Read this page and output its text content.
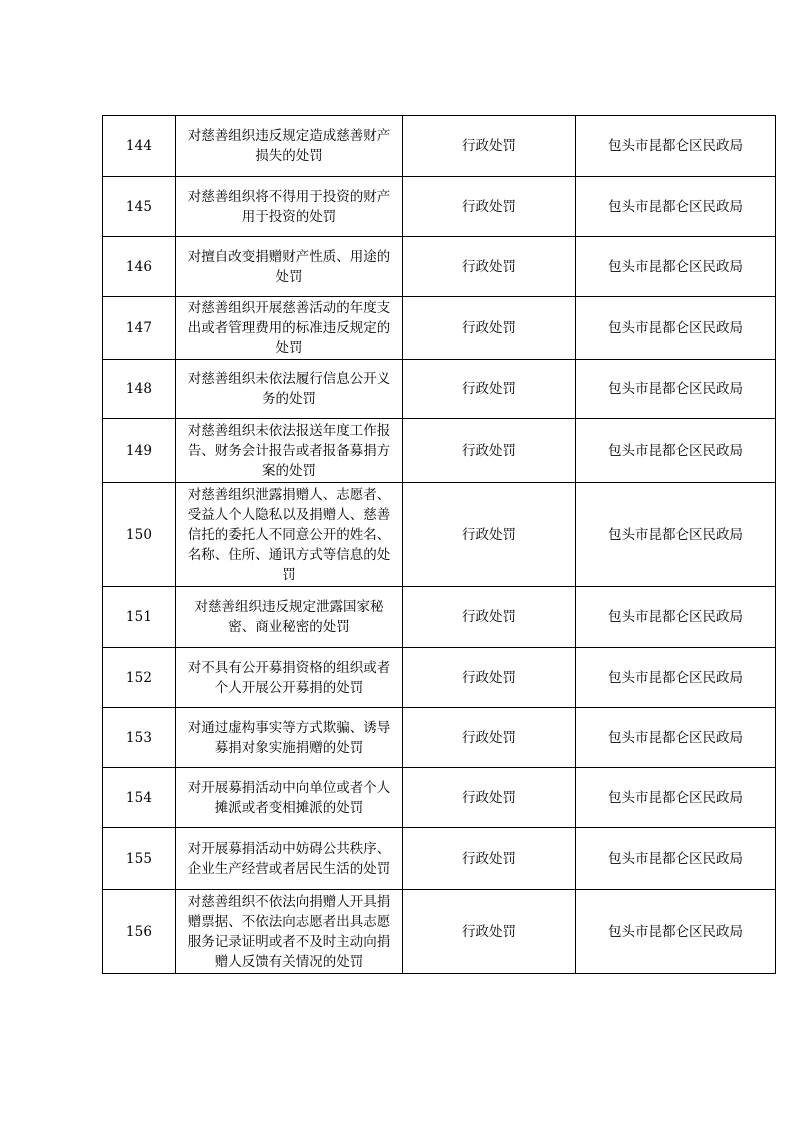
144	对慈善组织违反规定造成慈善财产损失的处罚	行政处罚	包头市昆都仑区民政局
145	对慈善组织将不得用于投资的财产用于投资的处罚	行政处罚	包头市昆都仑区民政局
146	对擅自改变捐赠财产性质、用途的处罚	行政处罚	包头市昆都仑区民政局
147	对慈善组织开展慈善活动的年度支出或者管理费用的标准违反规定的处罚	行政处罚	包头市昆都仑区民政局
148	对慈善组织未依法履行信息公开义务的处罚	行政处罚	包头市昆都仑区民政局
149	对慈善组织未依法报送年度工作报告、财务会计报告或者报备募捐方案的处罚	行政处罚	包头市昆都仑区民政局
150	对慈善组织泄露捐赠人、志愿者、受益人个人隐私以及捐赠人、慈善信托的委托人不同意公开的姓名、名称、住所、通讯方式等信息的处罚	行政处罚	包头市昆都仑区民政局
151	对慈善组织违反规定泄露国家秘密、商业秘密的处罚	行政处罚	包头市昆都仑区民政局
152	对不具有公开募捐资格的组织或者个人开展公开募捐的处罚	行政处罚	包头市昆都仑区民政局
153	对通过虚构事实等方式欺骗、诱导募捐对象实施捐赠的处罚	行政处罚	包头市昆都仑区民政局
154	对开展募捐活动中向单位或者个人摊派或者变相摊派的处罚	行政处罚	包头市昆都仑区民政局
155	对开展募捐活动中妨碍公共秩序、企业生产经营或者居民生活的处罚	行政处罚	包头市昆都仑区民政局
156	对慈善组织不依法向捐赠人开具捐赠票据、不依法向志愿者出具志愿服务记录证明或者不及时主动向捐赠人反馈有关情况的处罚	行政处罚	包头市昆都仑区民政局
